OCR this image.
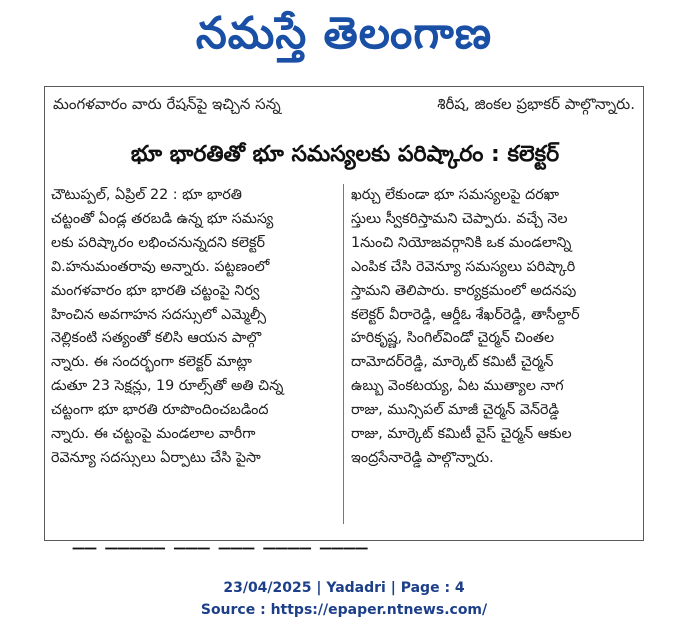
నమస్తే తెలంగాణ
మంగళవారం వారు రేషన్‌పై ఇచ్చిన సన్న	శిరీష, జింకల ప్రభాకర్‌ పాల్గొన్నారు.
భూ భారతితో భూ సమస్యలకు పరిష్కారం : కలెక్టర్
చౌటుప్పల్‌, ఏప్రిల్‌ 22 : భూ భారతి
చట్టంతో ఏండ్ల తరబడి ఉన్న భూ సమస్య
లకు పరిష్కారం లభించనున్నదని కలెక్టర్‌
వి.హనుమంతరావు అన్నారు. పట్టణంలో
మంగళవారం భూ భారతి చట్టంపై నిర్వ
హించిన అవగాహన సదస్సులో ఎమ్మెల్సీ
నెల్లికంటి సత్యంతో కలిసి ఆయన పాల్గొ
న్నారు. ఈ సందర్భంగా కలెక్టర్‌ మాట్లా
డుతూ 23 సెక్షన్లు, 19 రూల్స్‌తో అతి చిన్న
చట్టంగా భూ భారతి రూపొందించబడింద
న్నారు. ఈ చట్టంపై మండలాల వారీగా
రెవెన్యూ సదస్సులు ఏర్పాటు చేసి పైసా
ఖర్చు లేకుండా భూ సమస్యలపై దరఖా
స్తులు స్వీకరిస్తామని చెప్పారు. వచ్చే నెల
1నుంచి నియోజవర్గానికి ఒక మండలాన్ని
ఎంపిక చేసి రెవెన్యూ సమస్యలు పరిష్కారి
స్తామని తెలిపారు. కార్యక్రమంలో అదనపు
కలెక్టర్‌ వీరారెడ్డి, ఆర్డీఓ శేఖర్‌రెడ్డి, తాసీల్దార్‌
హరికృష్ణ, సింగిల్‌విండో చైర్మన్‌ చింతల
దామోదర్‌రెడ్డి, మార్కెట్‌ కమిటీ చైర్మన్‌
ఉబ్బు వెంకటయ్య, ఏట ముత్యాల నాగ
రాజు, మున్సిపల్‌ మాజీ చైర్మన్‌ వెన్‌రెడ్డి
రాజు, మార్కెట్‌ కమిటీ వైస్‌ చైర్మన్‌ ఆకుల
ఇంద్రసేనారెడ్డి పాల్గొన్నారు.
⎯⎯ ⎯⎯⎯⎯⎯ ⎯⎯⎯ ⎯⎯⎯ ⎯⎯⎯⎯ ⎯⎯⎯⎯
23/04/2025 | Yadadri | Page : 4
Source : https://epaper.ntnews.com/
